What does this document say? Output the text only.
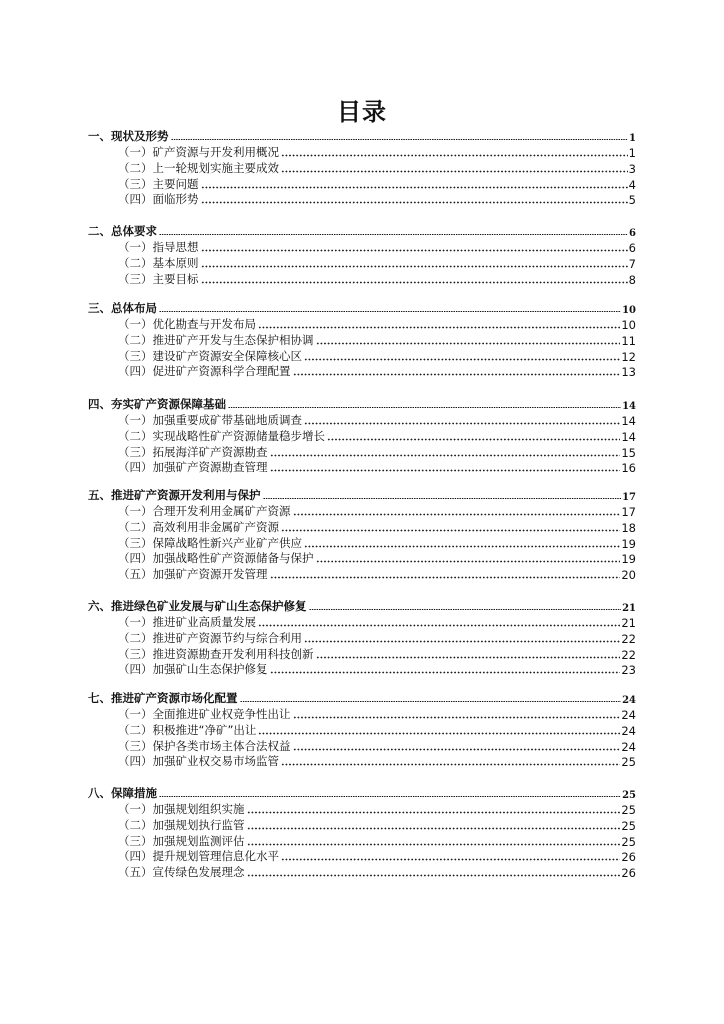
目录
一、现状及形势	1
（一）矿产资源与开发利用概况	1
（二）上一轮规划实施主要成效	3
（三）主要问题	4
（四）面临形势	5
二、总体要求	6
（一）指导思想	6
（二）基本原则	7
（三）主要目标	8
三、总体布局	10
（一）优化勘查与开发布局	10
（二）推进矿产开发与生态保护相协调	11
（三）建设矿产资源安全保障核心区	12
（四）促进矿产资源科学合理配置	13
四、夯实矿产资源保障基础	14
（一）加强重要成矿带基础地质调查	14
（二）实现战略性矿产资源储量稳步增长	14
（三）拓展海洋矿产资源勘查	15
（四）加强矿产资源勘查管理	16
五、推进矿产资源开发利用与保护	17
（一）合理开发利用金属矿产资源	17
（二）高效利用非金属矿产资源	18
（三）保障战略性新兴产业矿产供应	19
（四）加强战略性矿产资源储备与保护	19
（五）加强矿产资源开发管理	20
六、推进绿色矿业发展与矿山生态保护修复	21
（一）推进矿业高质量发展	21
（二）推进矿产资源节约与综合利用	22
（三）推进资源勘查开发利用科技创新	22
（四）加强矿山生态保护修复	23
七、推进矿产资源市场化配置	24
（一）全面推进矿业权竞争性出让	24
（二）积极推进“净矿”出让	24
（三）保护各类市场主体合法权益	24
（四）加强矿业权交易市场监管	25
八、保障措施	25
（一）加强规划组织实施	25
（二）加强规划执行监管	25
（三）加强规划监测评估	25
（四）提升规划管理信息化水平	26
（五）宣传绿色发展理念	26
